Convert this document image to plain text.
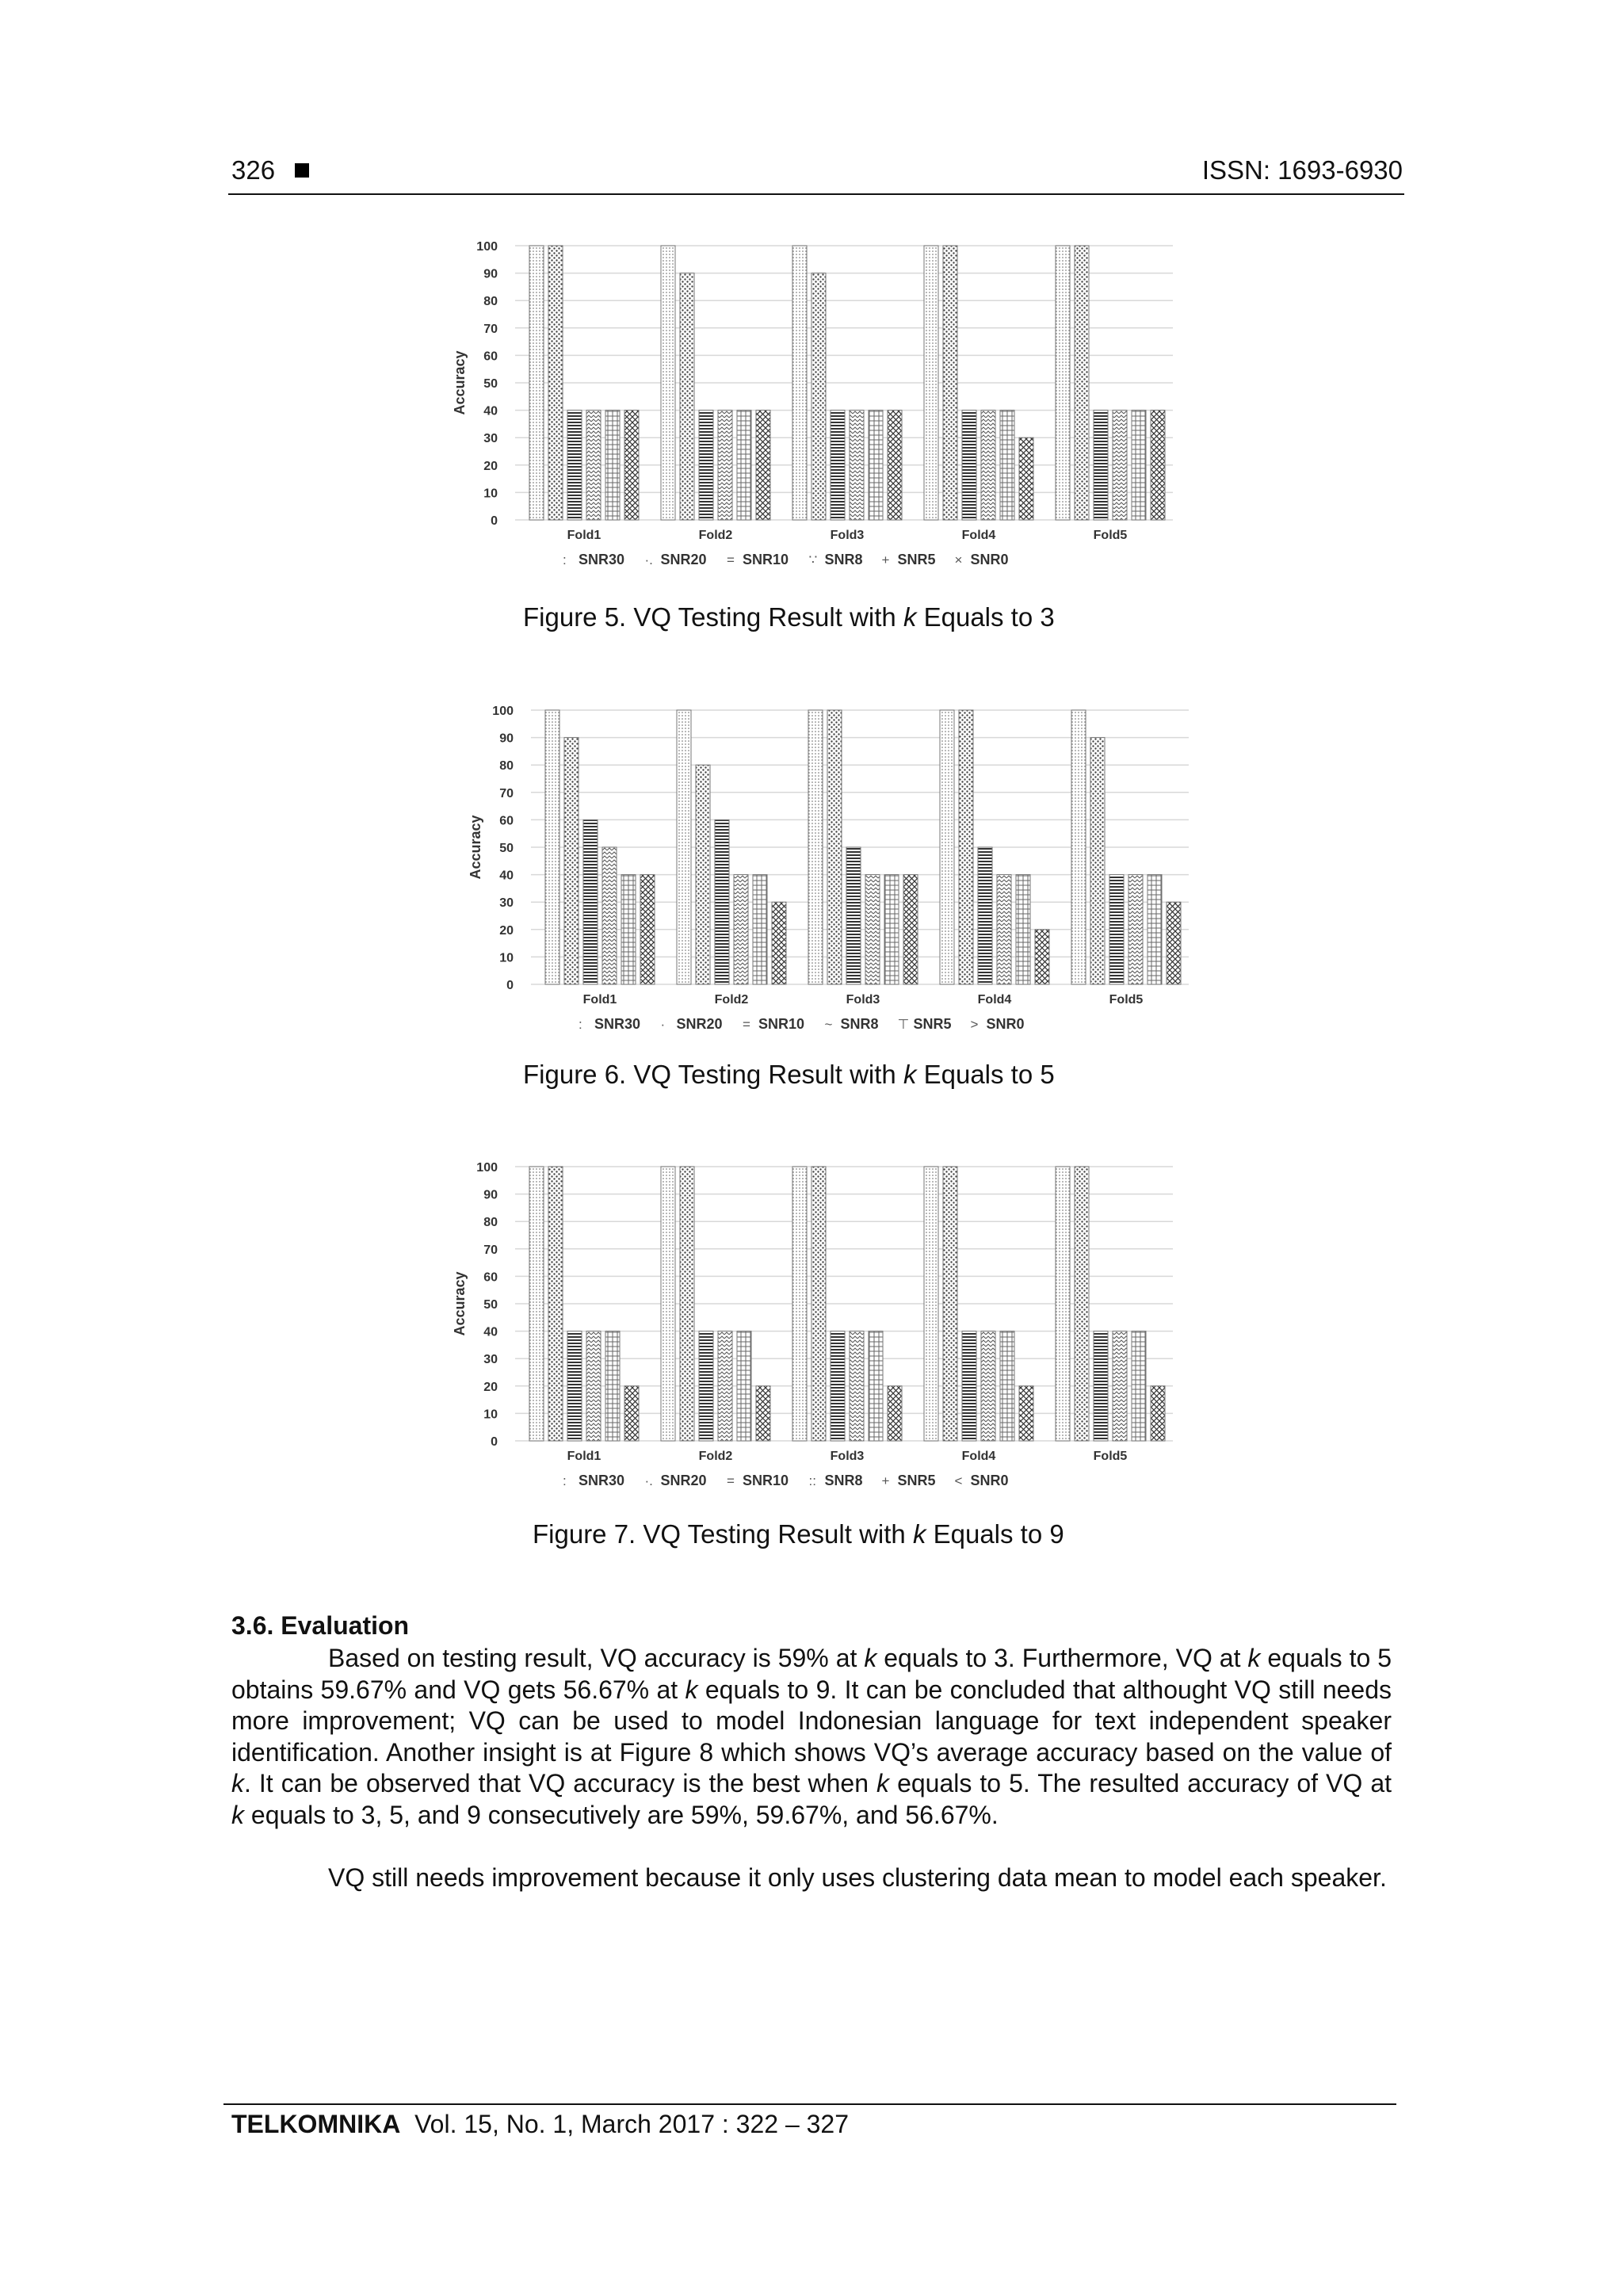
326	ISSN: 1693-6930
0
10
20
30
40
50
60
70
80
90
100
Accuracy
Fold1	Fold2	Fold3	Fold4	Fold5
: SNR30 ·. SNR20 = SNR10 ∵ SNR8 + SNR5 × SNR0
Figure 5. VQ Testing Result with k Equals to 3
0
10
20
30
40
50
60
70
80
90
100
Accuracy
Fold1	Fold2	Fold3	Fold4	Fold5
: SNR30 · SNR20 = SNR10 ~ SNR8 ⊤ SNR5 > SNR0
Figure 6. VQ Testing Result with k Equals to 5
0
10
20
30
40
50
60
70
80
90
100
Accuracy
Fold1	Fold2	Fold3	Fold4	Fold5
: SNR30 ·. SNR20 = SNR10 :: SNR8 + SNR5 < SNR0
Figure 7. VQ Testing Result with k Equals to 9
3.6. Evaluation

Based on testing result, VQ accuracy is 59% at k equals to 3. Furthermore, VQ at k equals to 5 obtains 59.67% and VQ gets 56.67% at k equals to 9. It can be concluded that althought VQ still needs more improvement; VQ can be used to model Indonesian language for text independent speaker identification. Another insight is at Figure 8 which shows VQ’s average accuracy based on the value of k. It can be observed that VQ accuracy is the best when k equals to 5. The resulted accuracy of VQ at k equals to 3, 5, and 9 consecutively are 59%, 59.67%, and 56.67%.

VQ still needs improvement because it only uses clustering data mean to model each speaker.

TELKOMNIKA Vol. 15, No. 1, March 2017 : 322 – 327
